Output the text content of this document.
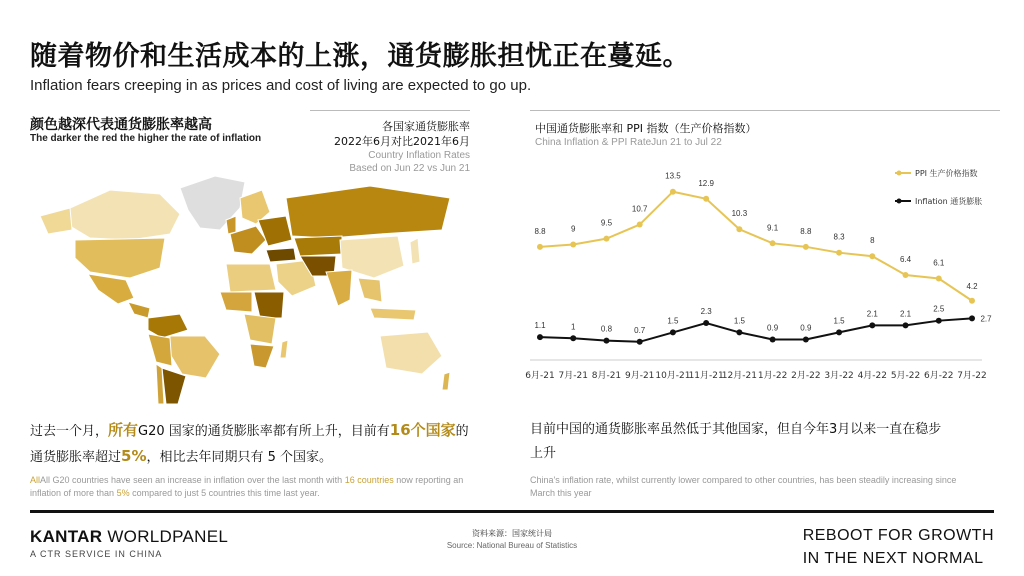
随着物价和生活成本的上涨，通货膨胀担忧正在蔓延。
Inflation fears creeping in as prices and cost of living are expected to go up.
颜色越深代表通货膨胀率越高
The darker the red the higher the rate of inflation
各国家通货膨胀率
2022年6月对比2021年6月
Country Inflation Rates
Based on Jun 22 vs Jun 21
中国通货膨胀率和 PPI 指数（生产价格指数）
China Inflation & PPI RateJun 21 to Jul 22
6月-21 7月-21 8月-21 9月-21 10月-21
11月-21
12月-21 1月-22 2月-22 3月-22 4月-22 5月-22 6月-22 7月-22
8.8	9
9.5
10.7
13.5
12.9
10.3
9.1	8.8
8.3	8
6.4	6.1
4.2
1.1	1	0.8	0.7
1.5
2.3
1.5
0.9	0.9
1.5
2.1	2.1
2.5
2.7
PPI 生产价格指数
Inflation 通货膨胀
过去一个月，所有G20 国家的通货膨胀率都有所上升，目前有16个国家的通货膨胀率超过5%，相比去年同期只有 5 个国家。
AllAll G20 countries have seen an increase in inflation over the last month with 16 countries now reporting an inflation of more than 5% compared to just 5 countries this time last year.
目前中国的通货膨胀率虽然低于其他国家，但自今年3月以来一直在稳步上升
China's inflation rate, whilst currently lower compared to other countries, has been steadily increasing since March this year
KANTAR WORLDPANEL
A CTR SERVICE IN CHINA
资料来源：国家统计局
Source: National Bureau of Statistics
REBOOT FOR GROWTH
IN THE NEXT NORMAL
